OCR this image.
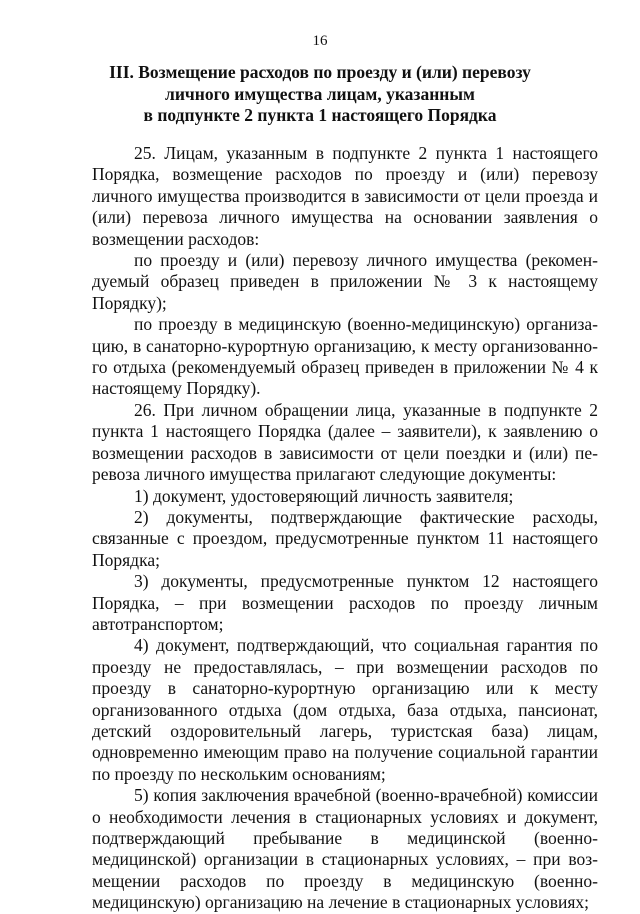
16
III. Возмещение расходов по проезду и (или) перевозу
личного имущества лицам, указанным
в подпункте 2 пункта 1 настоящего Порядка

25. Лицам, указанным в подпункте 2 пункта 1 настоящего Порядка, возмещение расходов по проезду и (или) перевозу личного имущества производится в зависимости от цели проезда и (или) перевоза личного имущества на основании заявления о возмещении расходов:

по проезду и (или) перевозу личного имущества (рекомендуемый образец приведен в приложении № 3 к настоящему Порядку);

по проезду в медицинскую (военно-медицинскую) организацию, в санаторно-курортную организацию, к месту организованного отдыха (рекомендуемый образец приведен в приложении № 4 к настоящему Порядку).

26. При личном обращении лица, указанные в подпункте 2 пункта 1 настоящего Порядка (далее – заявители), к заявлению о возмещении расходов в зависимости от цели поездки и (или) перевоза личного имущества прилагают следующие документы:

1) документ, удостоверяющий личность заявителя;

2) документы, подтверждающие фактические расходы, связанные с проездом, предусмотренные пунктом 11 настоящего Порядка;

3) документы, предусмотренные пунктом 12 настоящего Порядка, – при возмещении расходов по проезду личным автотранспортом;

4) документ, подтверждающий, что социальная гарантия по проезду не предоставлялась, – при возмещении расходов по проезду в санаторно-курортную организацию или к месту организованного отдыха (дом отдыха, база отдыха, пансионат, детский оздоровительный лагерь, туристская база) лицам, одновременно имеющим право на получение социальной гарантии по проезду по нескольким основаниям;

5) копия заключения врачебной (военно-врачебной) комиссии о необходимости лечения в стационарных условиях и документ, подтверждающий пребывание в медицинской (военно-медицинской) организации в стационарных условиях, – при возмещении расходов по проезду в медицинскую (военно-медицинскую) организацию на лечение в стационарных условиях;
